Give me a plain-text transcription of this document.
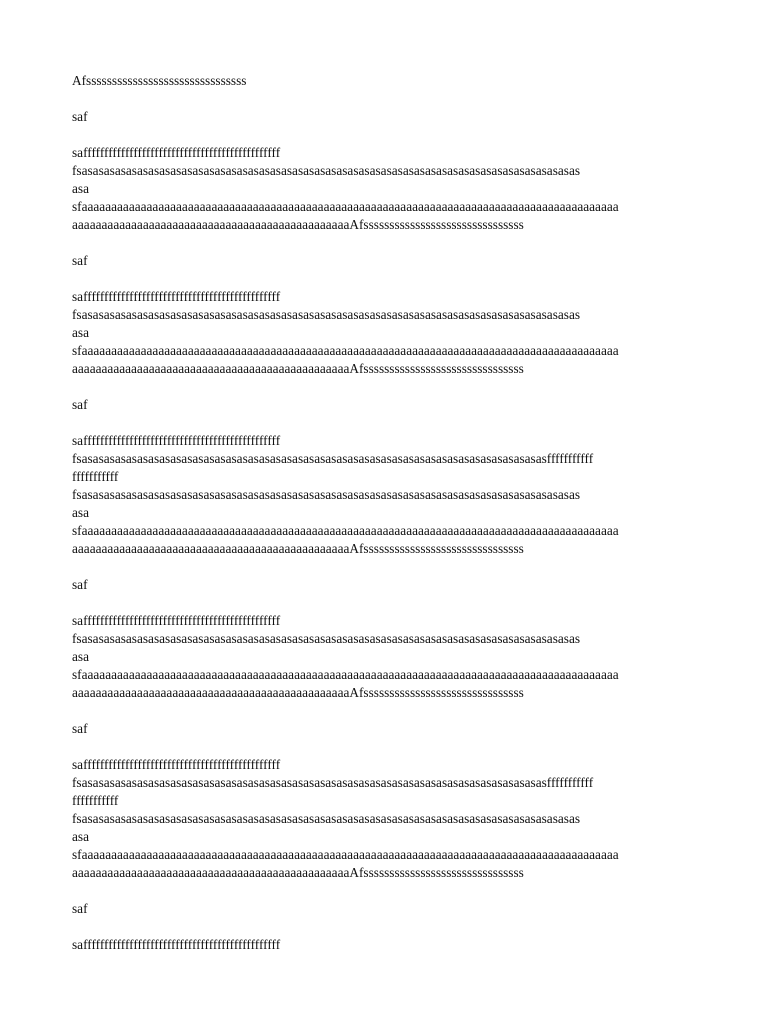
Afsssssssssssssssssssssssssssssss
saf
safffffffffffffffffffffffffffffffffffffffffffffff
fsasasasasasasasasasasasasasasasasasasasasasasasasasasasasasasasasasasasasasasasasasasasasas
asa
sfaaaaaaaaaaaaaaaaaaaaaaaaaaaaaaaaaaaaaaaaaaaaaaaaaaaaaaaaaaaaaaaaaaaaaaaaaaaaaaaaaaaaaaaaaaa
aaaaaaaaaaaaaaaaaaaaaaaaaaaaaaaaaaaaaaaaaaaaaaaAfsssssssssssssssssssssssssssssss
saf
safffffffffffffffffffffffffffffffffffffffffffffff
fsasasasasasasasasasasasasasasasasasasasasasasasasasasasasasasasasasasasasasasasasasasasasas
asa
sfaaaaaaaaaaaaaaaaaaaaaaaaaaaaaaaaaaaaaaaaaaaaaaaaaaaaaaaaaaaaaaaaaaaaaaaaaaaaaaaaaaaaaaaaaaa
aaaaaaaaaaaaaaaaaaaaaaaaaaaaaaaaaaaaaaaaaaaaaaaAfsssssssssssssssssssssssssssssss
saf
safffffffffffffffffffffffffffffffffffffffffffffff
fsasasasasasasasasasasasasasasasasasasasasasasasasasasasasasasasasasasasasasasasasasasfffffffffff
fffffffffff
fsasasasasasasasasasasasasasasasasasasasasasasasasasasasasasasasasasasasasasasasasasasasasas
asa
sfaaaaaaaaaaaaaaaaaaaaaaaaaaaaaaaaaaaaaaaaaaaaaaaaaaaaaaaaaaaaaaaaaaaaaaaaaaaaaaaaaaaaaaaaaaa
aaaaaaaaaaaaaaaaaaaaaaaaaaaaaaaaaaaaaaaaaaaaaaaAfsssssssssssssssssssssssssssssss
saf
safffffffffffffffffffffffffffffffffffffffffffffff
fsasasasasasasasasasasasasasasasasasasasasasasasasasasasasasasasasasasasasasasasasasasasasas
asa
sfaaaaaaaaaaaaaaaaaaaaaaaaaaaaaaaaaaaaaaaaaaaaaaaaaaaaaaaaaaaaaaaaaaaaaaaaaaaaaaaaaaaaaaaaaaa
aaaaaaaaaaaaaaaaaaaaaaaaaaaaaaaaaaaaaaaaaaaaaaaAfsssssssssssssssssssssssssssssss
saf
safffffffffffffffffffffffffffffffffffffffffffffff
fsasasasasasasasasasasasasasasasasasasasasasasasasasasasasasasasasasasasasasasasasasasfffffffffff
fffffffffff
fsasasasasasasasasasasasasasasasasasasasasasasasasasasasasasasasasasasasasasasasasasasasasas
asa
sfaaaaaaaaaaaaaaaaaaaaaaaaaaaaaaaaaaaaaaaaaaaaaaaaaaaaaaaaaaaaaaaaaaaaaaaaaaaaaaaaaaaaaaaaaaa
aaaaaaaaaaaaaaaaaaaaaaaaaaaaaaaaaaaaaaaaaaaaaaaAfsssssssssssssssssssssssssssssss
saf
safffffffffffffffffffffffffffffffffffffffffffffff
